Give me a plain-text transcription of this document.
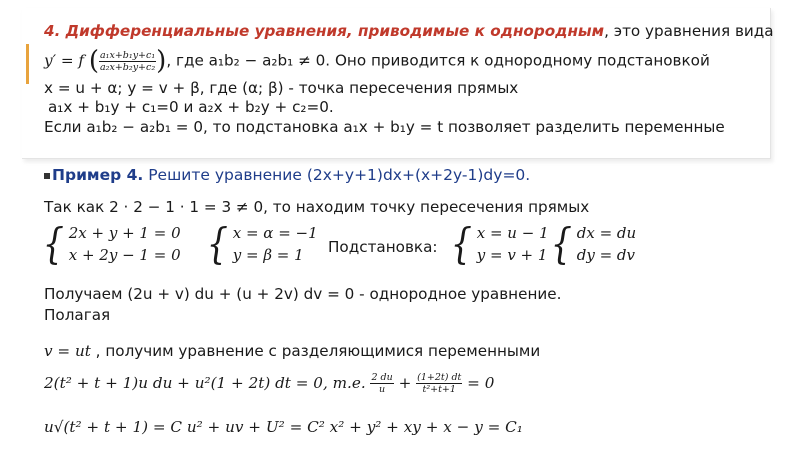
4. Дифференциальные уравнения, приводимые к однородным, это уравнения вида
y′ = f ( $\frac{\text{a₁x+b₁y+c₁}}{\text{a₂x+b₂y+c₂}}$ ), где a₁b₂ − a₂b₁ ≠ 0. Оно приводится к однородному подстановкой
x = u + α; y = v + β, где (α; β) - точка пересечения прямых
a₁x + b₁y + c₁=0 и a₂x + b₂y + c₂=0.
Если a₁b₂ − a₂b₁ = 0, то подстановка a₁x + b₁y = t позволяет разделить переменные
Пример 4. Решите уравнение (2x+y+1)dx+(x+2y-1)dy=0.
Так как 2 · 2 − 1 · 1 = 3 ≠ 0, то находим точку пересечения прямых
{ 2x + y + 1 = 0
x + 2y − 1 = 0 { x = α = −1
y = β = 1	Подстановка: { x = u − 1
y = v + 1 { dx = du
dy = dv
Получаем (2u + v) du + (u + 2v) dv = 0 - однородное уравнение.
Полагая
v = ut , получим уравнение с разделяющимися переменными
2(t² + t + 1)u du + u²(1 + 2t) dt = 0, т.е. $\frac{2 du}{u} + \frac{(1+2t) dt}{\text{t²+t+1}} = 0$
u√(t² + t + 1) = C u² + uv + U² = C² x² + y² + xy + x − y = C₁
